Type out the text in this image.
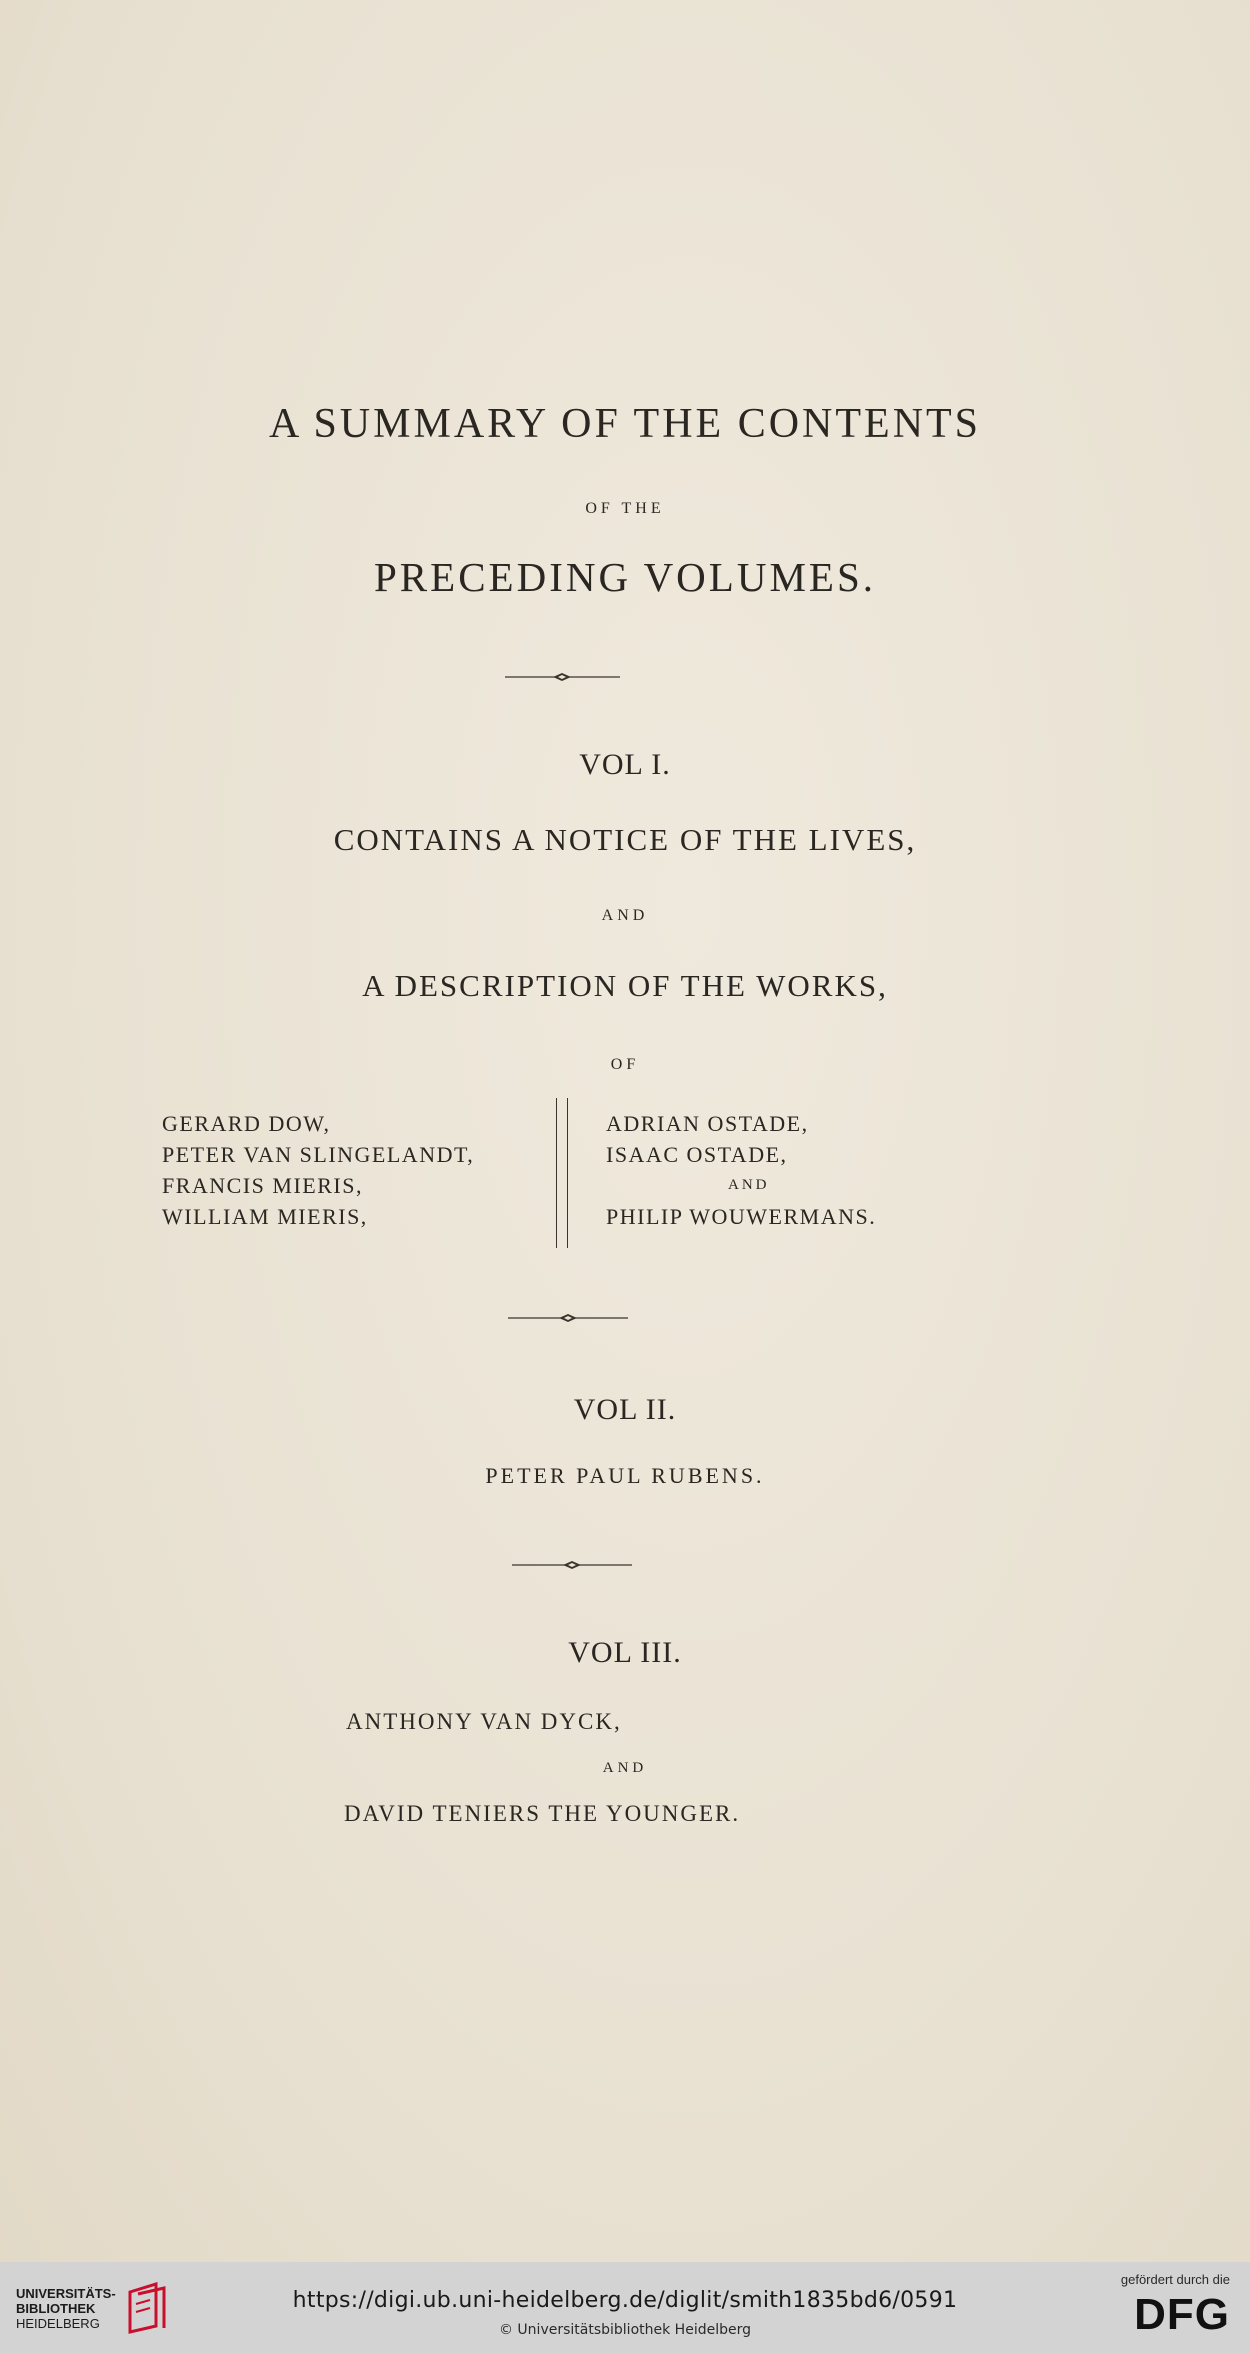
A SUMMARY OF THE CONTENTS
OF THE
PRECEDING VOLUMES.
VOL I.
CONTAINS A NOTICE OF THE LIVES,
AND
A DESCRIPTION OF THE WORKS,
OF
GERARD DOW,
PETER VAN SLINGELANDT,
FRANCIS MIERIS,
WILLIAM MIERIS,
ADRIAN OSTADE,
ISAAC OSTADE,
AND
PHILIP WOUWERMANS.
VOL II.
PETER PAUL RUBENS.
VOL III.
ANTHONY VAN DYCK,
AND
DAVID TENIERS THE YOUNGER.
UNIVERSITÄTS-
BIBLIOTHEK
HEIDELBERG
https://digi.ub.uni-heidelberg.de/diglit/smith1835bd6/0591
© Universitätsbibliothek Heidelberg
gefördert durch die
DFG
